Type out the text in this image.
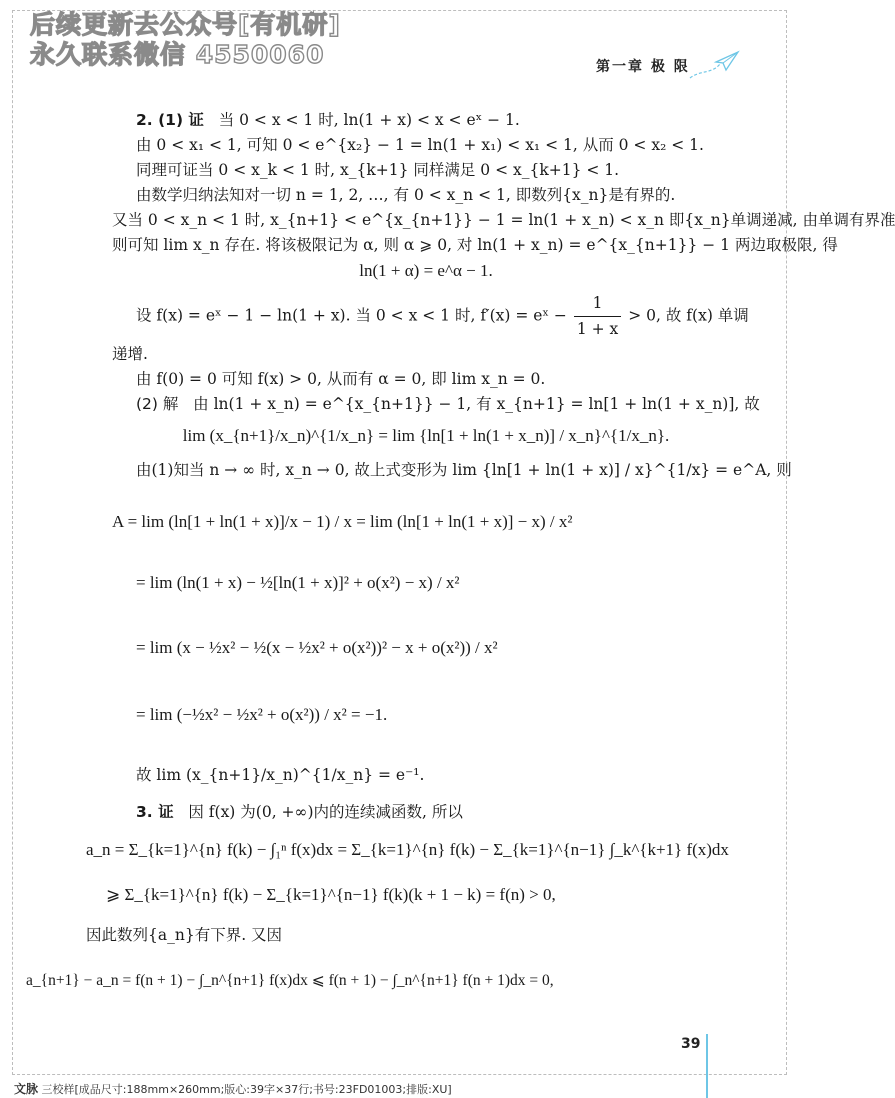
后续更新去公众号[有机研]
永久联系微信 4550060	第一章 极 限
2. (1) 证 当 0 < x < 1 时, ln(1 + x) < x < eˣ − 1.
由 0 < x₁ < 1, 可知 0 < e^{x₂} − 1 = ln(1 + x₁) < x₁ < 1, 从而 0 < x₂ < 1.
同理可证当 0 < x_k < 1 时, x_{k+1} 同样满足 0 < x_{k+1} < 1.
由数学归纳法知对一切 n = 1, 2, …, 有 0 < x_n < 1, 即数列{x_n}是有界的.
又当 0 < x_n < 1 时, x_{n+1} < e^{x_{n+1}} − 1 = ln(1 + x_n) < x_n 即{x_n}单调递减, 由单调有界准
则可知 lim x_n 存在. 将该极限记为 α, 则 α ⩾ 0, 对 ln(1 + x_n) = e^{x_{n+1}} − 1 两边取极限, 得
ln(1 + α) = e^α − 1.
设 f(x) = eˣ − 1 − ln(1 + x). 当 0 < x < 1 时, f′(x) = eˣ − $\frac{1}{1 + x} > 0$, 故 f(x) 单调
递增.
由 f(0) = 0 可知 f(x) > 0, 从而有 α = 0, 即 lim x_n = 0.
(2) 解 由 ln(1 + x_n) = e^{x_{n+1}} − 1, 有 x_{n+1} = ln[1 + ln(1 + x_n)], 故
lim (x_{n+1}/x_n)^{1/x_n} = lim {ln[1 + ln(1 + x_n)] / x_n}^{1/x_n}.
由(1)知当 n → ∞ 时, x_n → 0, 故上式变形为 lim {ln[1 + ln(1 + x)] / x}^{1/x} = e^A, 则
A = lim (ln[1 + ln(1 + x)]/x − 1) / x = lim (ln[1 + ln(1 + x)] − x) / x²
= lim (ln(1 + x) − ½[ln(1 + x)]² + o(x²) − x) / x²
= lim (x − ½x² − ½(x − ½x² + o(x²))² − x + o(x²)) / x²
= lim (−½x² − ½x² + o(x²)) / x² = −1.
故 lim (x_{n+1}/x_n)^{1/x_n} = e⁻¹.
3. 证 因 f(x) 为(0, +∞)内的连续减函数, 所以
a_n = Σ_{k=1}^{n} f(k) − ∫₁ⁿ f(x)dx = Σ_{k=1}^{n} f(k) − Σ_{k=1}^{n−1} ∫_k^{k+1} f(x)dx
⩾ Σ_{k=1}^{n} f(k) − Σ_{k=1}^{n−1} f(k)(k + 1 − k) = f(n) > 0,
因此数列{a_n}有下界. 又因
a_{n+1} − a_n = f(n + 1) − ∫_n^{n+1} f(x)dx ⩽ f(n + 1) − ∫_n^{n+1} f(n + 1)dx = 0,
39
文脉 三校样[成品尺寸:188mm×260mm;版心:39字×37行;书号:23FD01003;排版:XU]
